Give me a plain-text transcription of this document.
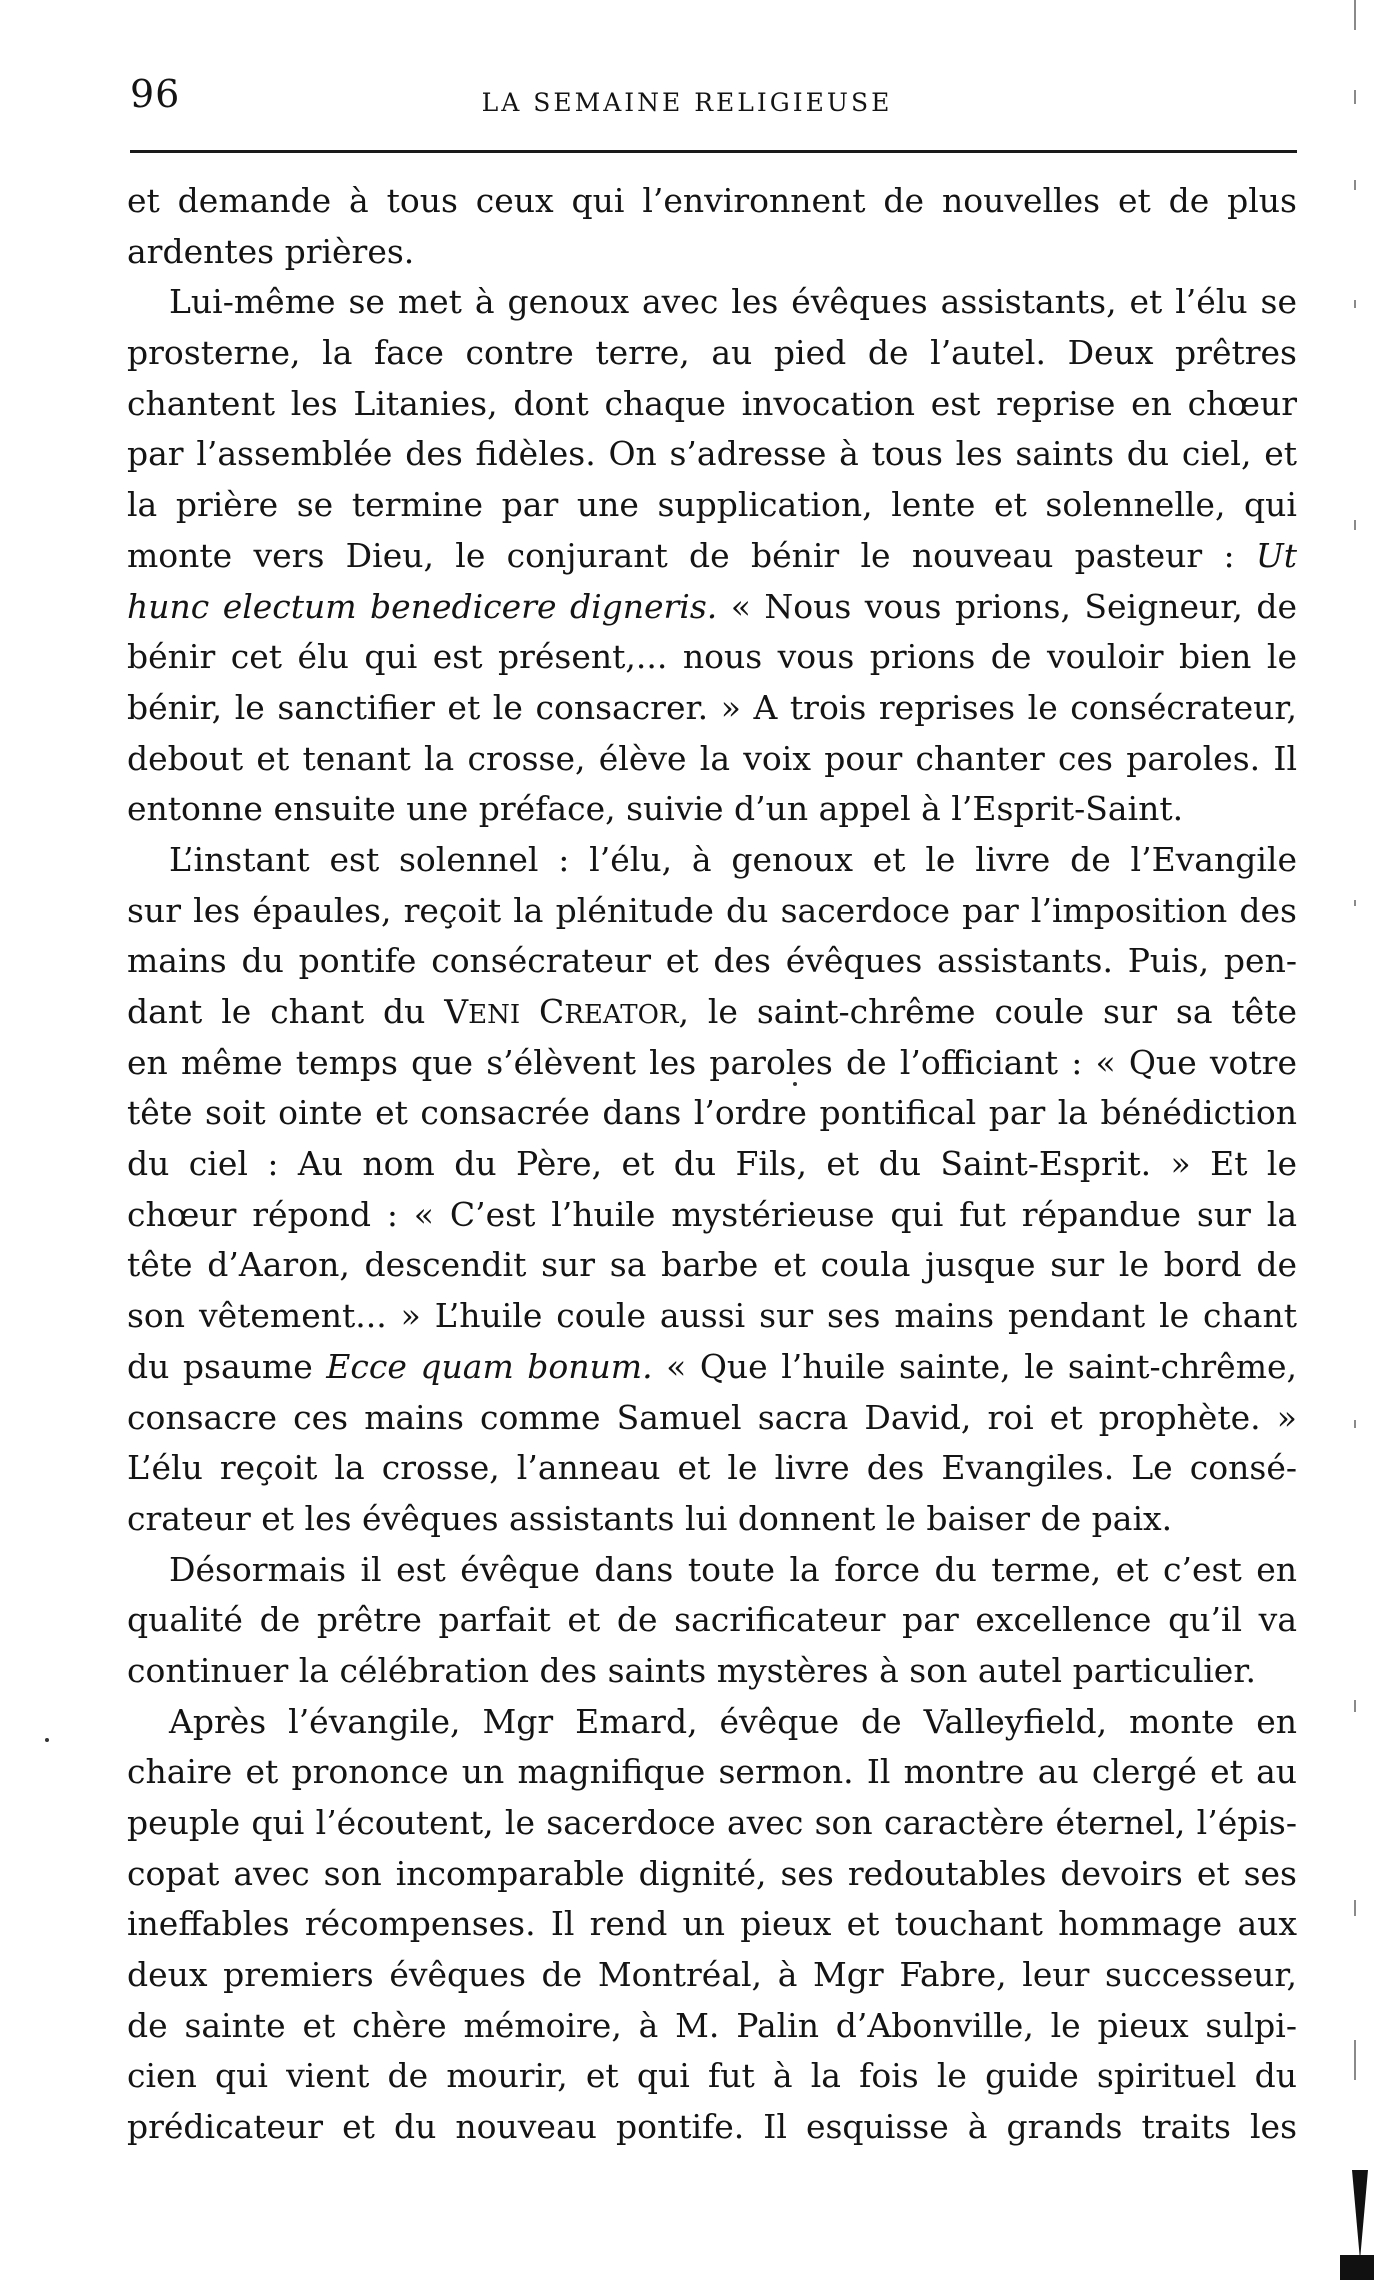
96	LA SEMAINE RELIGIEUSE
et demande à tous ceux qui l’environnent de nouvelles et de plus
ardentes prières.
Lui-même se met à genoux avec les évêques assistants, et l’élu se
prosterne, la face contre terre, au pied de l’autel. Deux prêtres
chantent les Litanies, dont chaque invocation est reprise en chœur
par l’assemblée des fidèles. On s’adresse à tous les saints du ciel, et
la prière se termine par une supplication, lente et solennelle, qui
monte vers Dieu, le conjurant de bénir le nouveau pasteur : Ut
hunc electum benedicere digneris. « Nous vous prions, Seigneur, de
bénir cet élu qui est présent,... nous vous prions de vouloir bien le
bénir, le sanctifier et le consacrer. » A trois reprises le consécrateur,
debout et tenant la crosse, élève la voix pour chanter ces paroles. Il
entonne ensuite une préface, suivie d’un appel à l’Esprit-Saint.
L’instant est solennel : l’élu, à genoux et le livre de l’Evangile
sur les épaules, reçoit la plénitude du sacerdoce par l’imposition des
mains du pontife consécrateur et des évêques assistants. Puis, pen-
dant le chant du VENI CREATOR, le saint-chrême coule sur sa tête
en même temps que s’élèvent les paroles de l’officiant : « Que votre
tête soit ointe et consacrée dans l’ordre pontifical par la bénédiction
du ciel : Au nom du Père, et du Fils, et du Saint-Esprit. » Et le
chœur répond : « C’est l’huile mystérieuse qui fut répandue sur la
tête d’Aaron, descendit sur sa barbe et coula jusque sur le bord de
son vêtement... » L’huile coule aussi sur ses mains pendant le chant
du psaume Ecce quam bonum. « Que l’huile sainte, le saint-chrême,
consacre ces mains comme Samuel sacra David, roi et prophète. »
L’élu reçoit la crosse, l’anneau et le livre des Evangiles. Le consé-
crateur et les évêques assistants lui donnent le baiser de paix.
Désormais il est évêque dans toute la force du terme, et c’est en
qualité de prêtre parfait et de sacrificateur par excellence qu’il va
continuer la célébration des saints mystères à son autel particulier.
Après l’évangile, Mgr Emard, évêque de Valleyfield, monte en
chaire et prononce un magnifique sermon. Il montre au clergé et au
peuple qui l’écoutent, le sacerdoce avec son caractère éternel, l’épis-
copat avec son incomparable dignité, ses redoutables devoirs et ses
ineffables récompenses. Il rend un pieux et touchant hommage aux
deux premiers évêques de Montréal, à Mgr Fabre, leur successeur,
de sainte et chère mémoire, à M. Palin d’Abonville, le pieux sulpi-
cien qui vient de mourir, et qui fut à la fois le guide spirituel du
prédicateur et du nouveau pontife. Il esquisse à grands traits les
